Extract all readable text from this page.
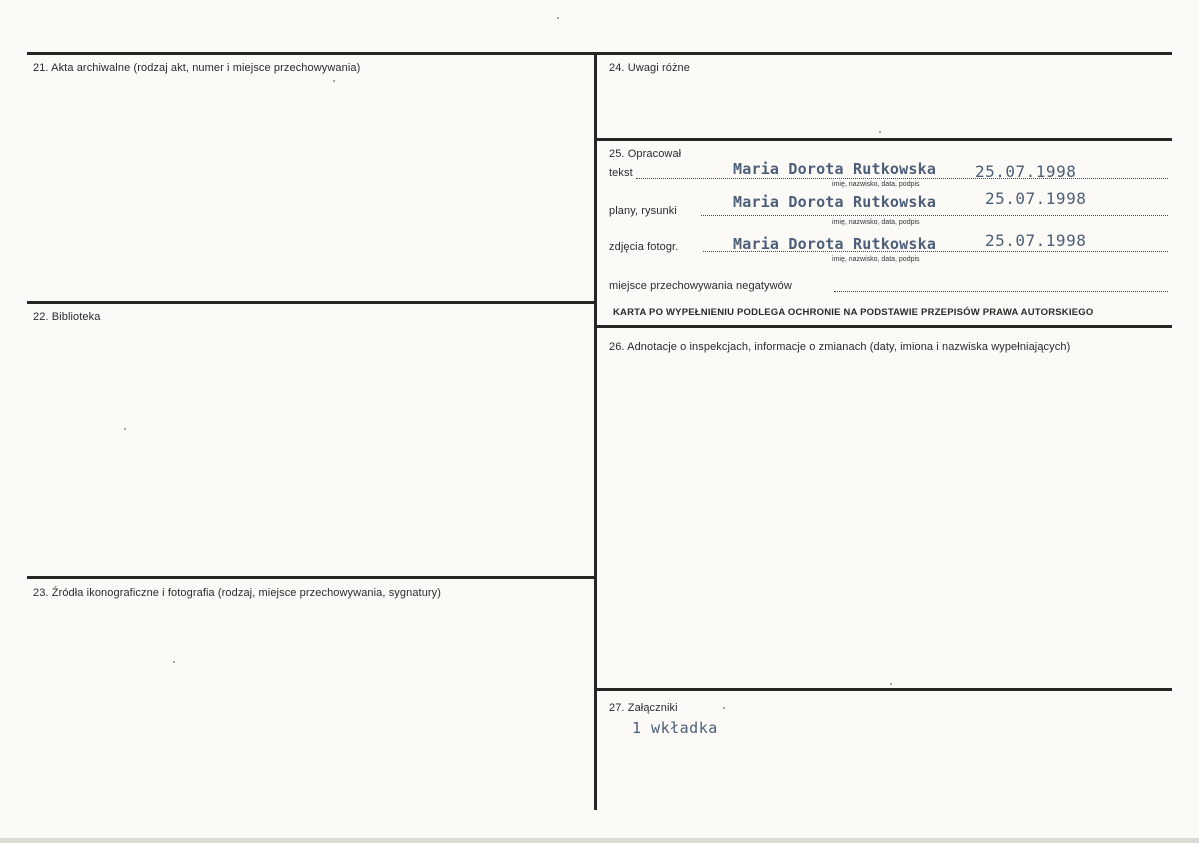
21. Akta archiwalne (rodzaj akt, numer i miejsce przechowywania)
22. Biblioteka
23. Źródła ikonograficzne i fotografia (rodzaj, miejsce przechowywania, sygnatury)
24. Uwagi różne
25. Opracował
tekst	Maria Dorota Rutkowska 25.07.1998
imię, nazwisko, data, podpis
plany, rysunki	Maria Dorota Rutkowska	25.07.1998
imię, nazwisko, data, podpis
zdjęcia fotogr.	Maria Dorota Rutkowska	25.07.1998
imię, nazwisko, data, podpis
miejsce przechowywania negatywów
KARTA PO WYPEŁNIENIU PODLEGA OCHRONIE NA PODSTAWIE PRZEPISÓW PRAWA AUTORSKIEGO
26. Adnotacje o inspekcjach, informacje o zmianach (daty, imiona i nazwiska wypełniających)
27. Załączniki
1 wkładka
